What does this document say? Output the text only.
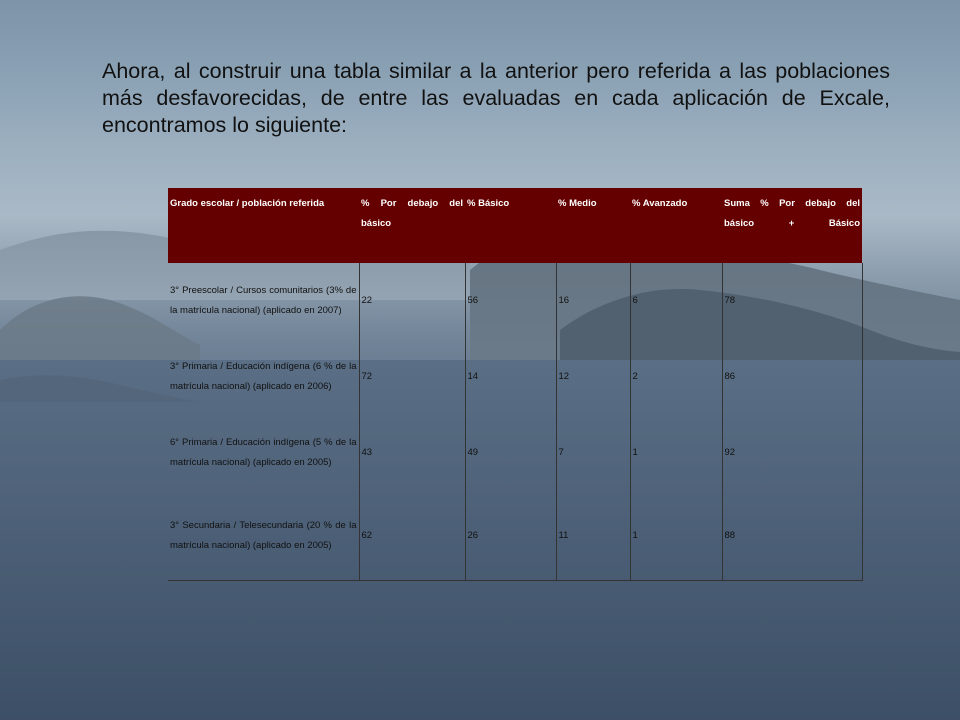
Ahora, al construir una tabla similar a la anterior pero referida a las poblaciones más desfavorecidas, de entre las evaluadas en cada aplicación de Excale, encontramos lo siguiente:

Grado escolar / población referida	% Por debajo del básico	% Básico	% Medio	% Avanzado	Suma % Por debajo del básico + Básico
3° Preescolar / Cursos comunitarios (3% de la matrícula nacional) (aplicado en 2007)	22	56	16	6	78
3° Primaria / Educación indígena (6 % de la matrícula nacional) (aplicado en 2006)	72	14	12	2	86
6° Primaria / Educación indígena (5 % de la matrícula nacional) (aplicado en 2005)	43	49	7	1	92
3° Secundaria / Telesecundaria (20 % de la matrícula nacional) (aplicado en 2005)	62	26	11	1	88
